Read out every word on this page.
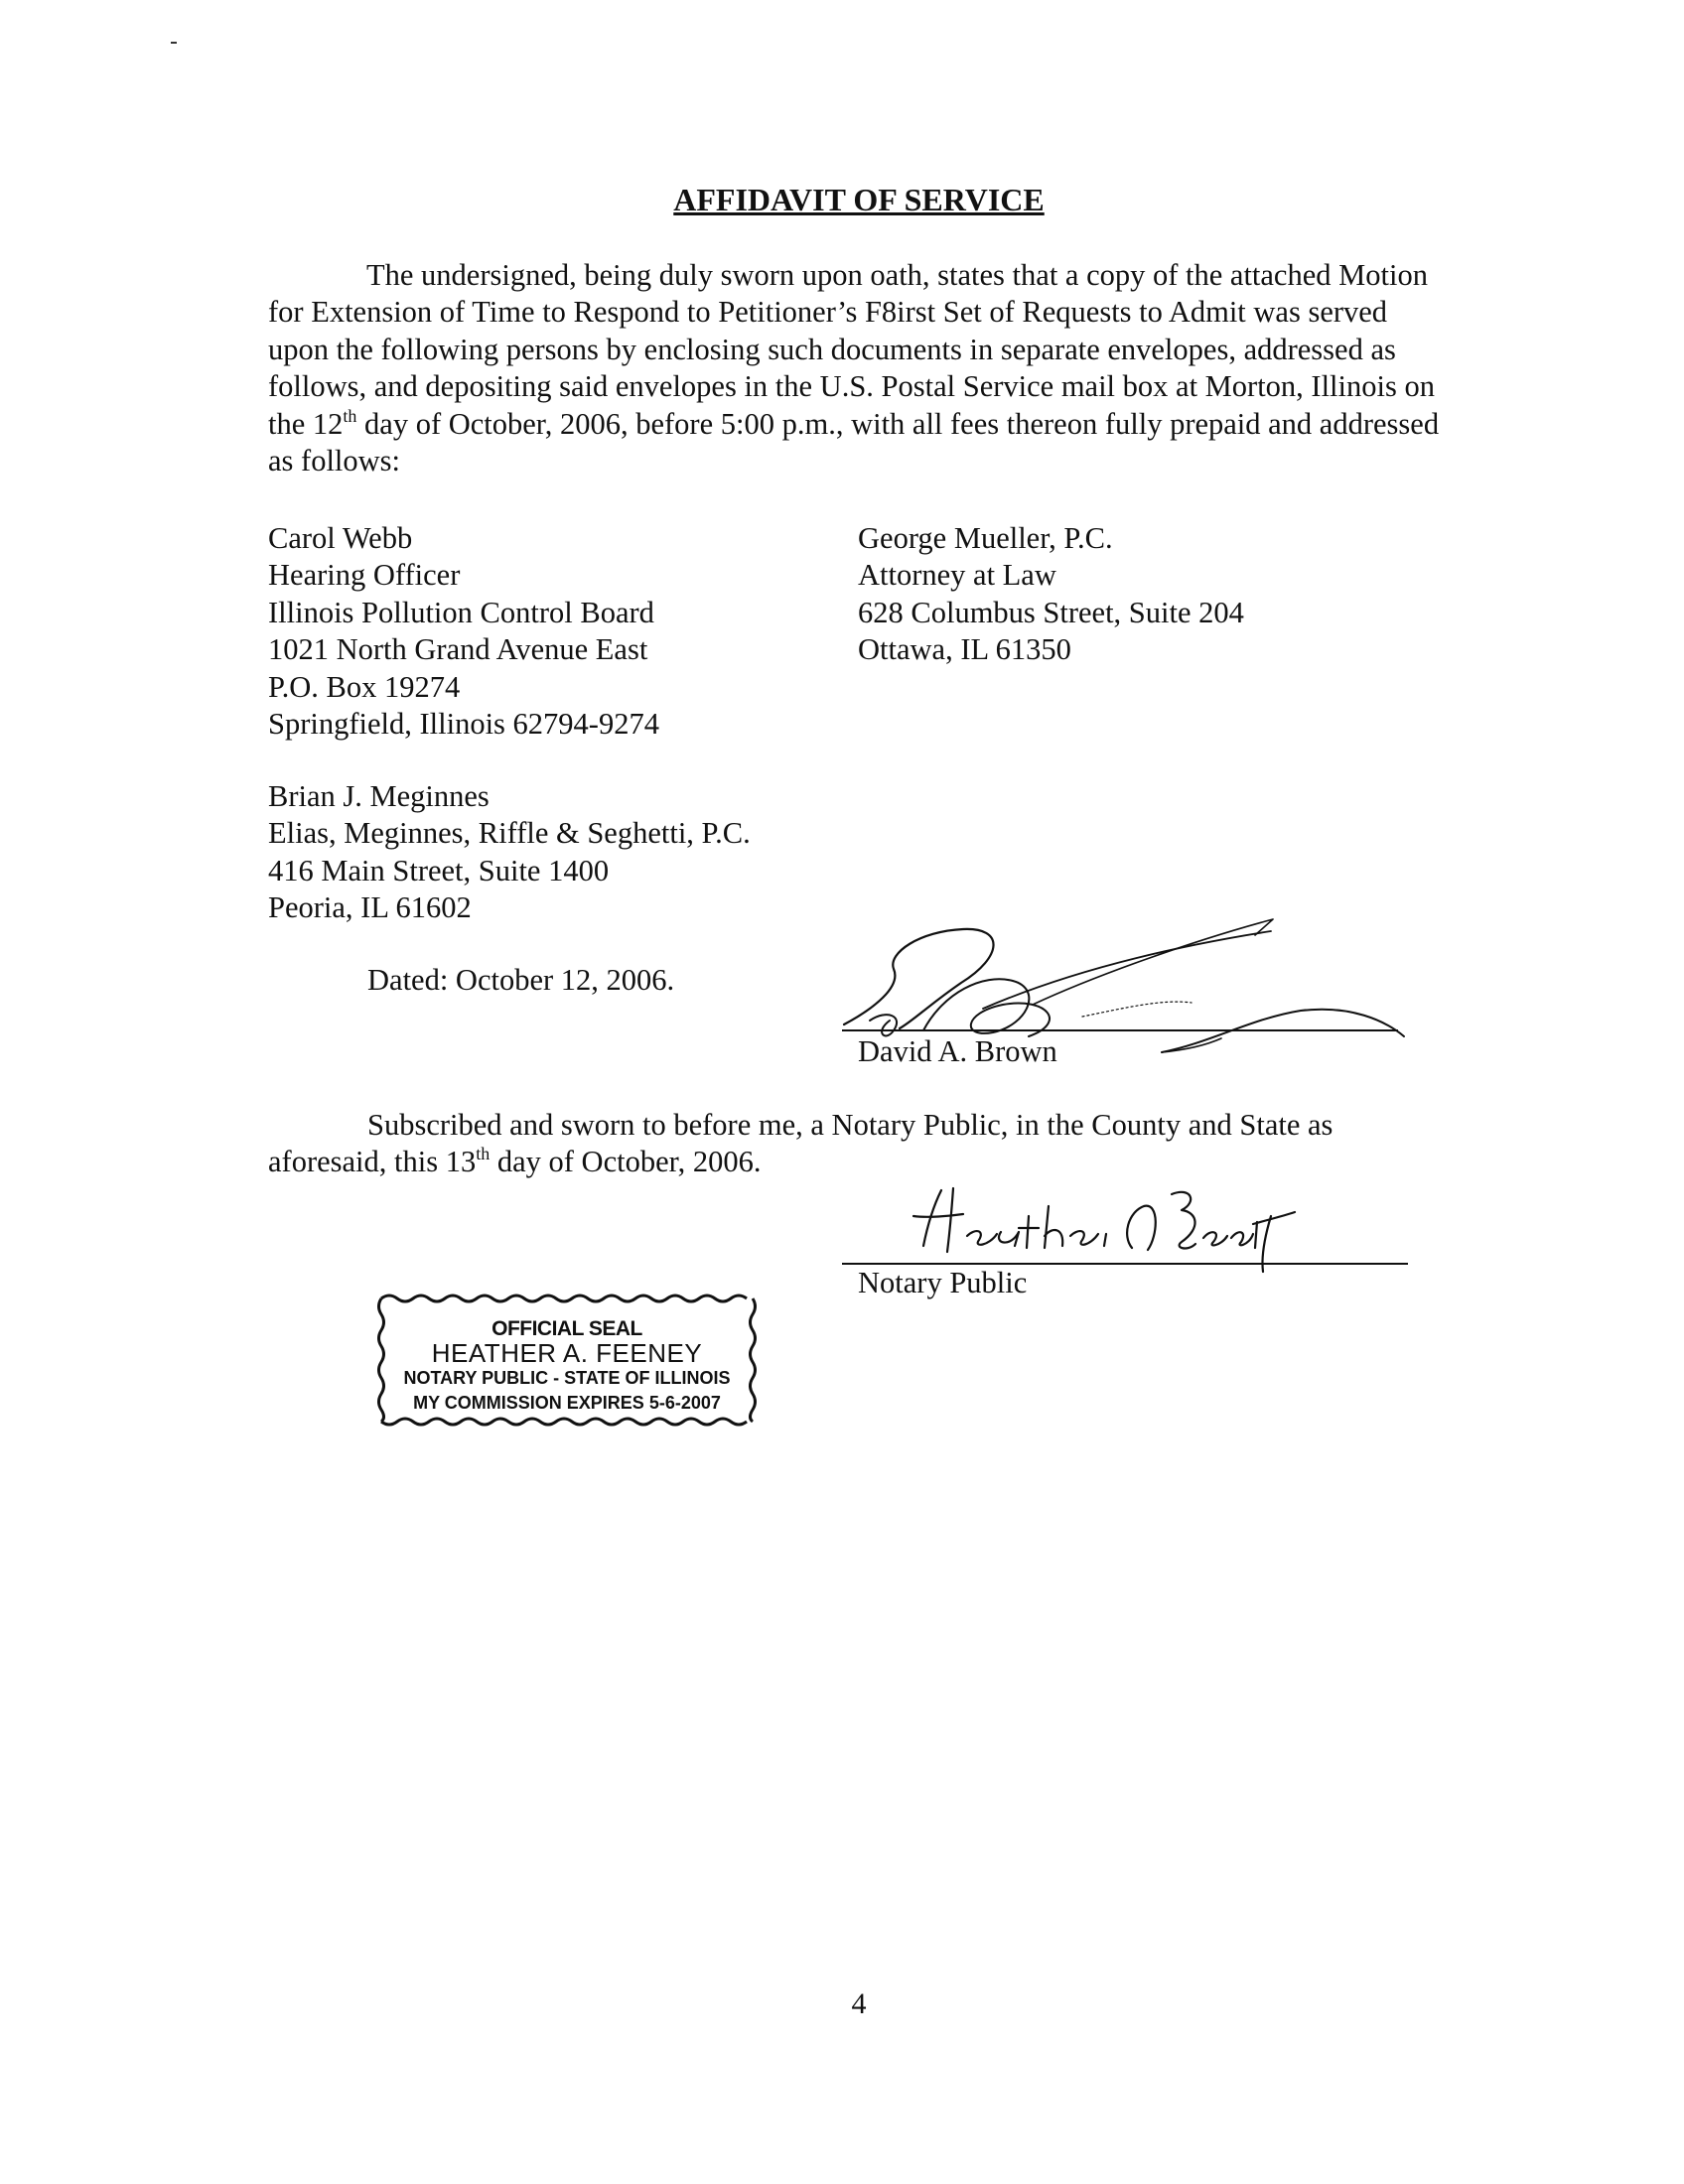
AFFIDAVIT OF SERVICE
The undersigned, being duly sworn upon oath, states that a copy of the attached Motion for Extension of Time to Respond to Petitioner’s F8irst Set of Requests to Admit was served upon the following persons by enclosing such documents in separate envelopes, addressed as follows, and depositing said envelopes in the U.S. Postal Service mail box at Morton, Illinois on the 12th day of October, 2006, before 5:00 p.m., with all fees thereon fully prepaid and addressed as follows:
Carol Webb
Hearing Officer
Illinois Pollution Control Board
1021 North Grand Avenue East
P.O. Box 19274
Springfield, Illinois 62794-9274
George Mueller, P.C.
Attorney at Law
628 Columbus Street, Suite 204
Ottawa, IL 61350
Brian J. Meginnes
Elias, Meginnes, Riffle & Seghetti, P.C.
416 Main Street, Suite 1400
Peoria, IL 61602
Dated: October 12, 2006.
David A. Brown
Subscribed and sworn to before me, a Notary Public, in the County and State as
aforesaid, this 13th day of October, 2006.
Notary Public
OFFICIAL SEAL
HEATHER A. FEENEY
NOTARY PUBLIC - STATE OF ILLINOIS
MY COMMISSION EXPIRES 5-6-2007
4
